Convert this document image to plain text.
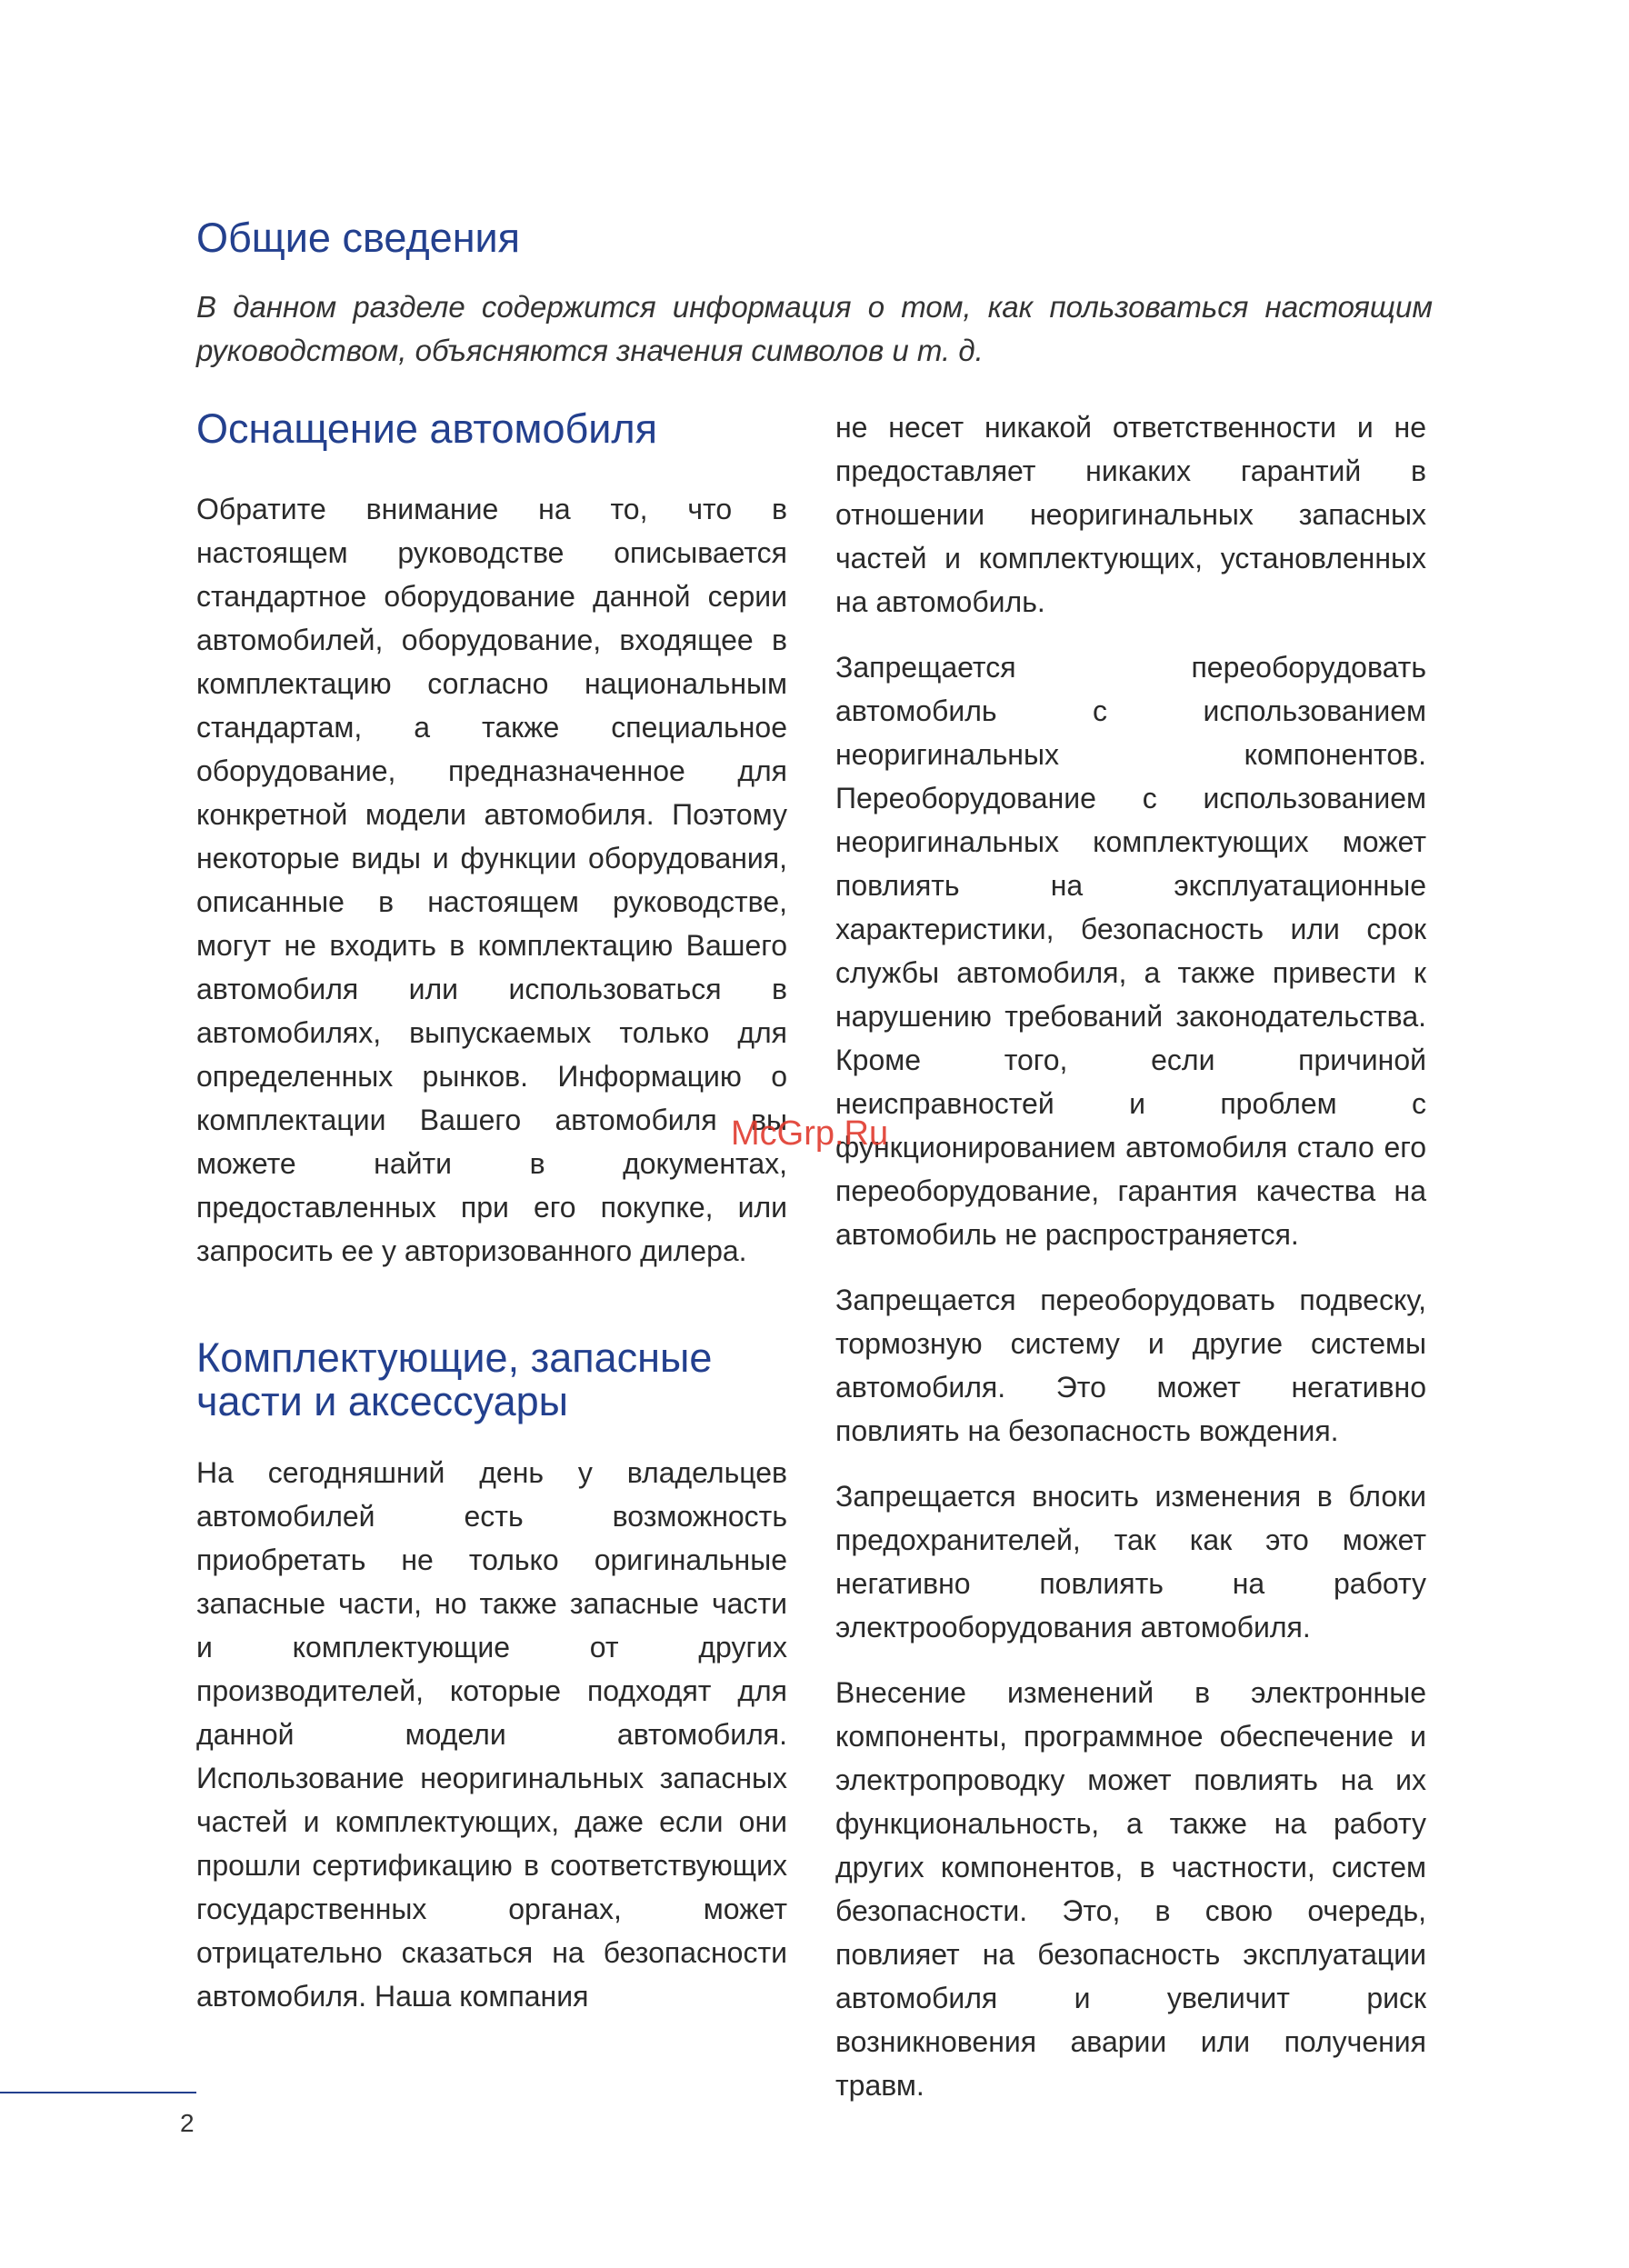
Общие сведения

В данном разделе содержится информация о том, как пользоваться настоящим руководством, объясняются значения символов и т. д.

Оснащение автомобиля

Обратите внимание на то, что в настоящем руководстве описывается стандартное оборудование данной серии автомобилей, оборудование, входящее в комплектацию согласно национальным стандартам, а также специальное оборудование, предназначенное для конкретной модели автомобиля. Поэтому некоторые виды и функции оборудования, описанные в настоящем руководстве, могут не входить в комплектацию Вашего автомобиля или использоваться в автомобилях, выпускаемых только для определенных рынков. Информацию о комплектации Вашего автомобиля вы можете найти в документах, предоставленных при его покупке, или запросить ее у авторизованного дилера.

Комплектующие, запасные части и аксессуары

На сегодняшний день у владельцев автомобилей есть возможность приобретать не только оригинальные запасные части, но также запасные части и комплектующие от других производителей, которые подходят для данной модели автомобиля. Использование неоригинальных запасных частей и комплектующих, даже если они прошли сертификацию в соответствующих государственных органах, может отрицательно сказаться на безопасности автомобиля. Наша компания

не несет никакой ответственности и не предоставляет никаких гарантий в отношении неоригинальных запасных частей и комплектующих, установленных на автомобиль.

Запрещается переоборудовать автомобиль с использованием неоригинальных компонентов. Переоборудование с использованием неоригинальных комплектующих может повлиять на эксплуатационные характеристики, безопасность или срок службы автомобиля, а также привести к нарушению требований законодательства. Кроме того, если причиной неисправностей и проблем с функционированием автомобиля стало его переоборудование, гарантия качества на автомобиль не распространяется.

Запрещается переоборудовать подвеску, тормозную систему и другие системы автомобиля. Это может негативно повлиять на безопасность вождения.

Запрещается вносить изменения в блоки предохранителей, так как это может негативно повлиять на работу электрооборудования автомобиля.

Внесение изменений в электронные компоненты, программное обеспечение и электропроводку может повлиять на их функциональность, а также на работу других компонентов, в частности, систем безопасности. Это, в свою очередь, повлияет на безопасность эксплуатации автомобиля и увеличит риск возникновения аварии или получения травм.

McGrp.Ru
2
